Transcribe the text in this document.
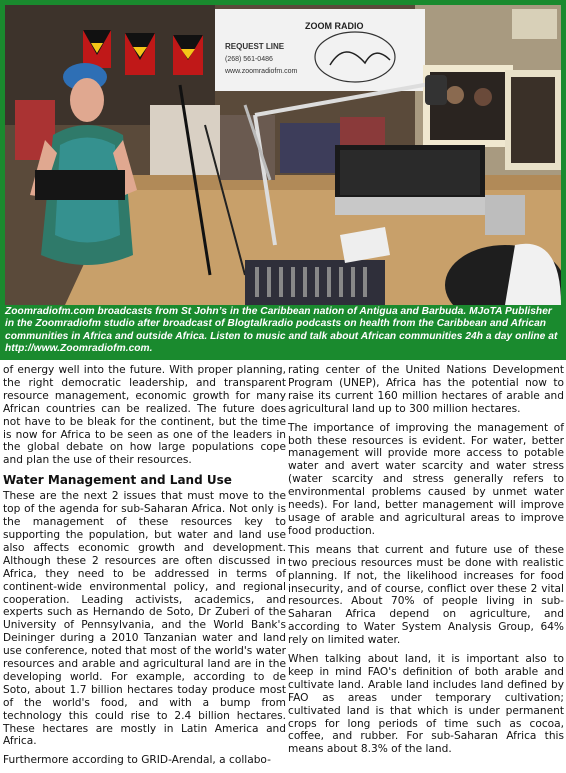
ZOOM RADIO
REQUEST LINE
(268) 561-0486
www.zoomradiofm.com
Zoomradiofm.com broadcasts from St John’s in the Caribbean nation of Antigua and Barbuda. MJoTA Publisher in the Zoomradiofm studio after broadcast of Blogtalkradio podcasts on health from the Caribbean and African communities in Africa and outside Africa. Listen to music and talk about African communities 24h a day online at http://www.Zoomradiofm.com.

of energy well into the future. With proper planning, the right democratic leadership, and transparent resource management, economic growth for many African countries can be realized. The future does not have to be bleak for the continent, but the time is now for Africa to be seen as one of the leaders in the global debate on how large populations cope and plan the use of their resources.

Water Management and Land Use

These are the next 2 issues that must move to the top of the agenda for sub-Saharan Africa. Not only is the management of these resources key to supporting the population, but water and land use also affects economic growth and development. Although these 2 resources are often discussed in Africa, they need to be addressed in terms of continent-wide environmental policy, and regional cooperation. Leading activists, academics, and experts such as Hernando de Soto, Dr Zuberi of the University of Pennsylvania, and the World Bank's Deininger during a 2010 Tanzanian water and land use conference, noted that most of the world's water resources and arable and agricultural land are in the developing world. For example, according to de Soto, about 1.7 billion hectares today produce most of the world's food, and with a bump from technology this could rise to 2.4 billion hectares. These hectares are mostly in Latin America and Africa.

Furthermore according to GRID-Arendal, a collabo-

rating center of the United Nations Development Program (UNEP), Africa has the potential now to raise its current 160 million hectares of arable and agricultural land up to 300 million hectares.

The importance of improving the management of both these resources is evident. For water, better management will provide more access to potable water and avert water scarcity and water stress (water scarcity and stress generally refers to environmental problems caused by unmet water needs). For land, better management will improve usage of arable and agricultural areas to improve food production.

This means that current and future use of these two precious resources must be done with realistic planning. If not, the likelihood increases for food insecurity, and of course, conflict over these 2 vital resources. About 70% of people living in sub-Saharan Africa depend on agriculture, and according to Water System Analysis Group, 64% rely on limited water.

When talking about land, it is important also to keep in mind FAO's definition of both arable and cultivate land. Arable land includes land defined by FAO as areas under temporary cultivation; cultivated land is that which is under permanent crops for long periods of time such as cocoa, coffee, and rubber. For sub-Saharan Africa this means about 8.3% of the land.
